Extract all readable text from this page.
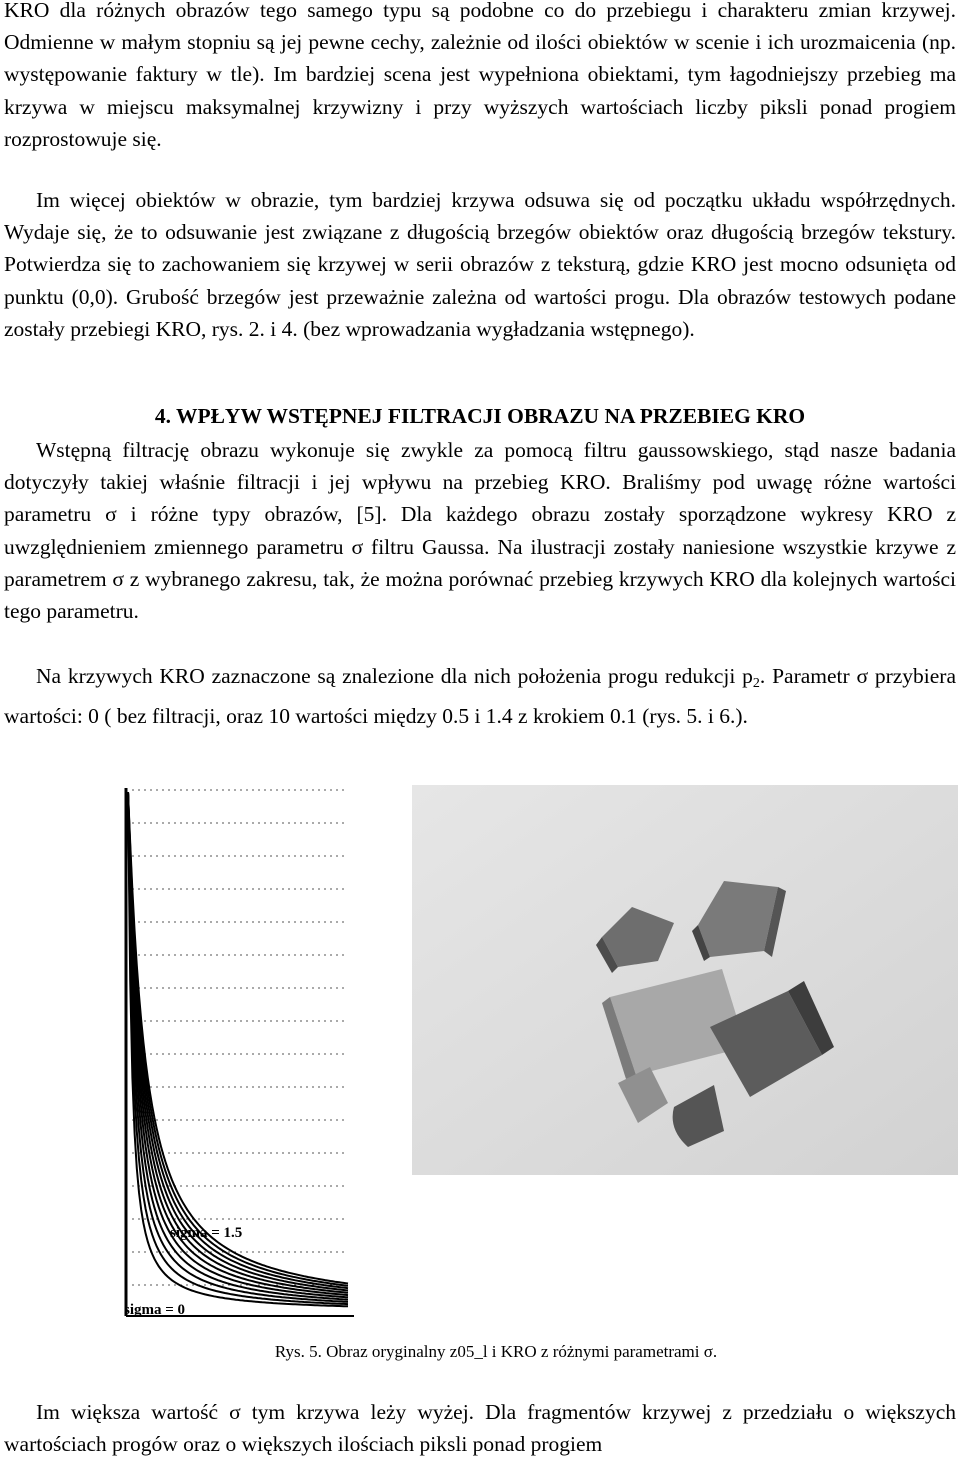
KRO dla różnych obrazów tego samego typu są podobne co do przebiegu i charakteru zmian krzywej. Odmienne w małym stopniu są jej pewne cechy, zależnie od ilości obiektów w scenie i ich urozmaicenia (np. występowanie faktury w tle). Im bardziej scena jest wypełniona obiektami, tym łagodniejszy przebieg ma krzywa w miejscu maksymalnej krzywizny i przy wyższych wartościach liczby piksli ponad progiem rozprostowuje się.

Im więcej obiektów w obrazie, tym bardziej krzywa odsuwa się od początku układu współrzędnych. Wydaje się, że to odsuwanie jest związane z długością brzegów obiektów oraz długością brzegów tekstury. Potwierdza się to zachowaniem się krzywej w serii obrazów z teksturą, gdzie KRO jest mocno odsunięta od punktu (0,0). Grubość brzegów jest przeważnie zależna od wartości progu. Dla obrazów testowych podane zostały przebiegi KRO, rys. 2. i 4. (bez wprowadzania wygładzania wstępnego).

4. WPŁYW WSTĘPNEJ FILTRACJI OBRAZU NA PRZEBIEG KRO

Wstępną filtrację obrazu wykonuje się zwykle za pomocą filtru gaussowskiego, stąd nasze badania dotyczyły takiej właśnie filtracji i jej wpływu na przebieg KRO. Braliśmy pod uwagę różne wartości parametru σ i różne typy obrazów, [5]. Dla każdego obrazu zostały sporządzone wykresy KRO z uwzględnieniem zmiennego parametru σ filtru Gaussa. Na ilustracji zostały naniesione wszystkie krzywe z parametrem σ z wybranego zakresu, tak, że można porównać przebieg krzywych KRO dla kolejnych wartości tego parametru.

Na krzywych KRO zaznaczone są znalezione dla nich położenia progu redukcji $p_2$. Parametr σ przybiera wartości: 0 ( bez filtracji, oraz 10 wartości między 0.5 i 1.4 z krokiem 0.1 (rys. 5. i 6.).

sigma = 1.5
sigma = 0

Rys. 5. Obraz oryginalny z05_l i KRO z różnymi parametrami σ.

Im większa wartość σ tym krzywa leży wyżej. Dla fragmentów krzywej z przedziału o większych wartościach progów oraz o większych ilościach piksli ponad progiem
